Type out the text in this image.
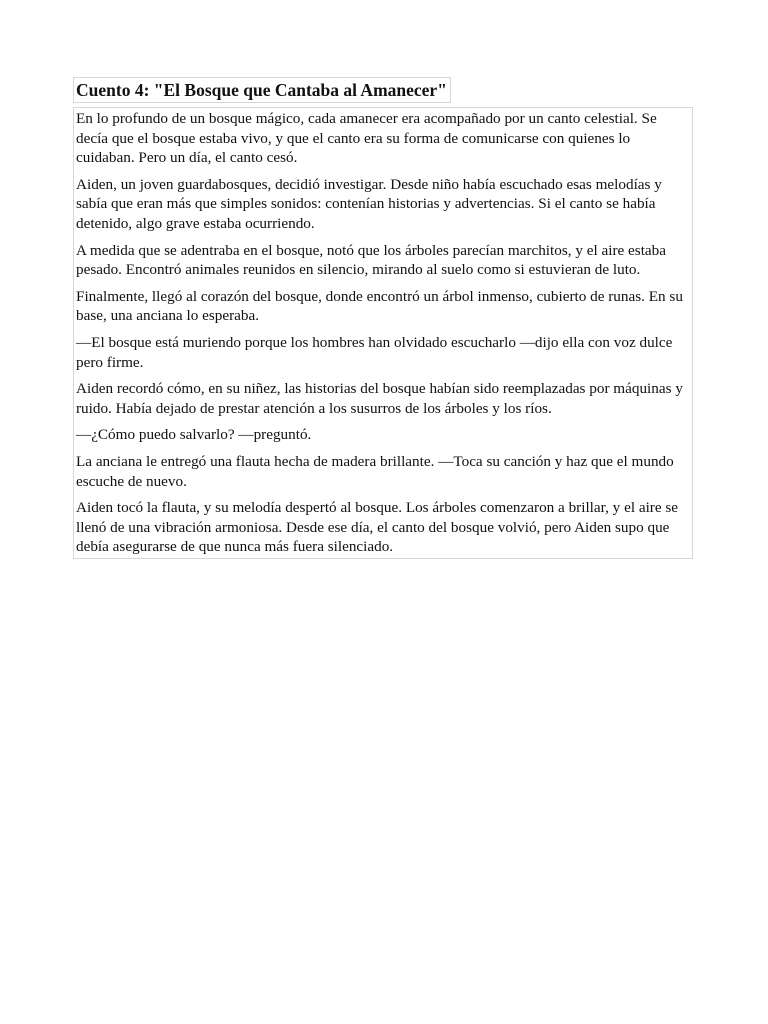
Cuento 4: "El Bosque que Cantaba al Amanecer"

En lo profundo de un bosque mágico, cada amanecer era acompañado por un canto celestial. Se decía que el bosque estaba vivo, y que el canto era su forma de comunicarse con quienes lo cuidaban. Pero un día, el canto cesó.

Aiden, un joven guardabosques, decidió investigar. Desde niño había escuchado esas melodías y sabía que eran más que simples sonidos: contenían historias y advertencias. Si el canto se había detenido, algo grave estaba ocurriendo.

A medida que se adentraba en el bosque, notó que los árboles parecían marchitos, y el aire estaba pesado. Encontró animales reunidos en silencio, mirando al suelo como si estuvieran de luto.

Finalmente, llegó al corazón del bosque, donde encontró un árbol inmenso, cubierto de runas. En su base, una anciana lo esperaba.

—El bosque está muriendo porque los hombres han olvidado escucharlo —dijo ella con voz dulce pero firme.

Aiden recordó cómo, en su niñez, las historias del bosque habían sido reemplazadas por máquinas y ruido. Había dejado de prestar atención a los susurros de los árboles y los ríos.

—¿Cómo puedo salvarlo? —preguntó.

La anciana le entregó una flauta hecha de madera brillante. —Toca su canción y haz que el mundo escuche de nuevo.

Aiden tocó la flauta, y su melodía despertó al bosque. Los árboles comenzaron a brillar, y el aire se llenó de una vibración armoniosa. Desde ese día, el canto del bosque volvió, pero Aiden supo que debía asegurarse de que nunca más fuera silenciado.
